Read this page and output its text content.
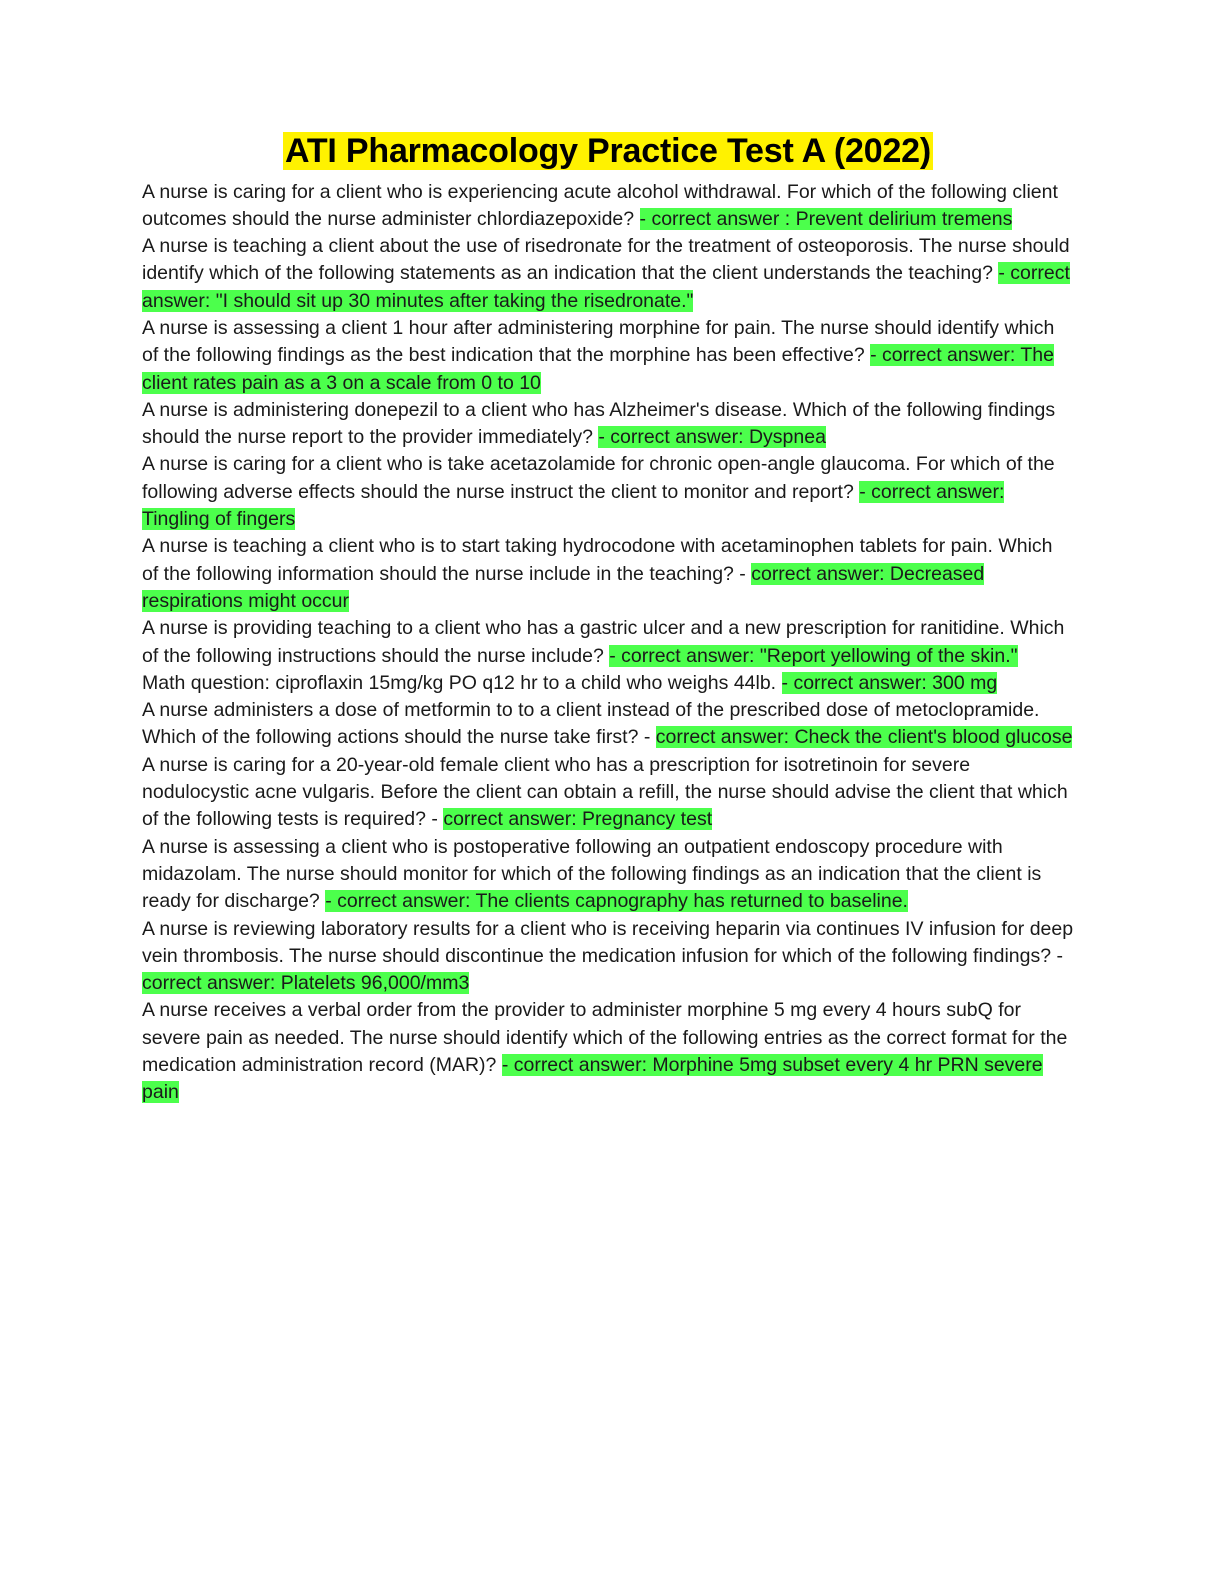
ATI Pharmacology Practice Test A (2022)
A nurse is caring for a client who is experiencing acute alcohol withdrawal. For which of the following client outcomes should the nurse administer chlordiazepoxide? - correct answer : Prevent delirium tremens
A nurse is teaching a client about the use of risedronate for the treatment of osteoporosis. The nurse should identify which of the following statements as an indication that the client understands the teaching? - correct answer: "I should sit up 30 minutes after taking the risedronate."
A nurse is assessing a client 1 hour after administering morphine for pain. The nurse should identify which of the following findings as the best indication that the morphine has been effective? - correct answer: The client rates pain as a 3 on a scale from 0 to 10
A nurse is administering donepezil to a client who has Alzheimer's disease. Which of the following findings should the nurse report to the provider immediately? - correct answer: Dyspnea
A nurse is caring for a client who is take acetazolamide for chronic open-angle glaucoma. For which of the following adverse effects should the nurse instruct the client to monitor and report? - correct answer: Tingling of fingers
A nurse is teaching a client who is to start taking hydrocodone with acetaminophen tablets for pain. Which of the following information should the nurse include in the teaching? - correct answer: Decreased respirations might occur
A nurse is providing teaching to a client who has a gastric ulcer and a new prescription for ranitidine. Which of the following instructions should the nurse include? - correct answer: "Report yellowing of the skin."
Math question: ciproflaxin 15mg/kg PO q12 hr to a child who weighs 44lb. - correct answer: 300 mg
A nurse administers a dose of metformin to to a client instead of the prescribed dose of metoclopramide. Which of the following actions should the nurse take first? - correct answer: Check the client's blood glucose
A nurse is caring for a 20-year-old female client who has a prescription for isotretinoin for severe nodulocystic acne vulgaris. Before the client can obtain a refill, the nurse should advise the client that which of the following tests is required? - correct answer: Pregnancy test
A nurse is assessing a client who is postoperative following an outpatient endoscopy procedure with midazolam. The nurse should monitor for which of the following findings as an indication that the client is ready for discharge? - correct answer: The clients capnography has returned to baseline.
A nurse is reviewing laboratory results for a client who is receiving heparin via continues IV infusion for deep vein thrombosis. The nurse should discontinue the medication infusion for which of the following findings? - correct answer: Platelets 96,000/mm3
A nurse receives a verbal order from the provider to administer morphine 5 mg every 4 hours subQ for severe pain as needed. The nurse should identify which of the following entries as the correct format for the medication administration record (MAR)? - correct answer: Morphine 5mg subset every 4 hr PRN severe pain
